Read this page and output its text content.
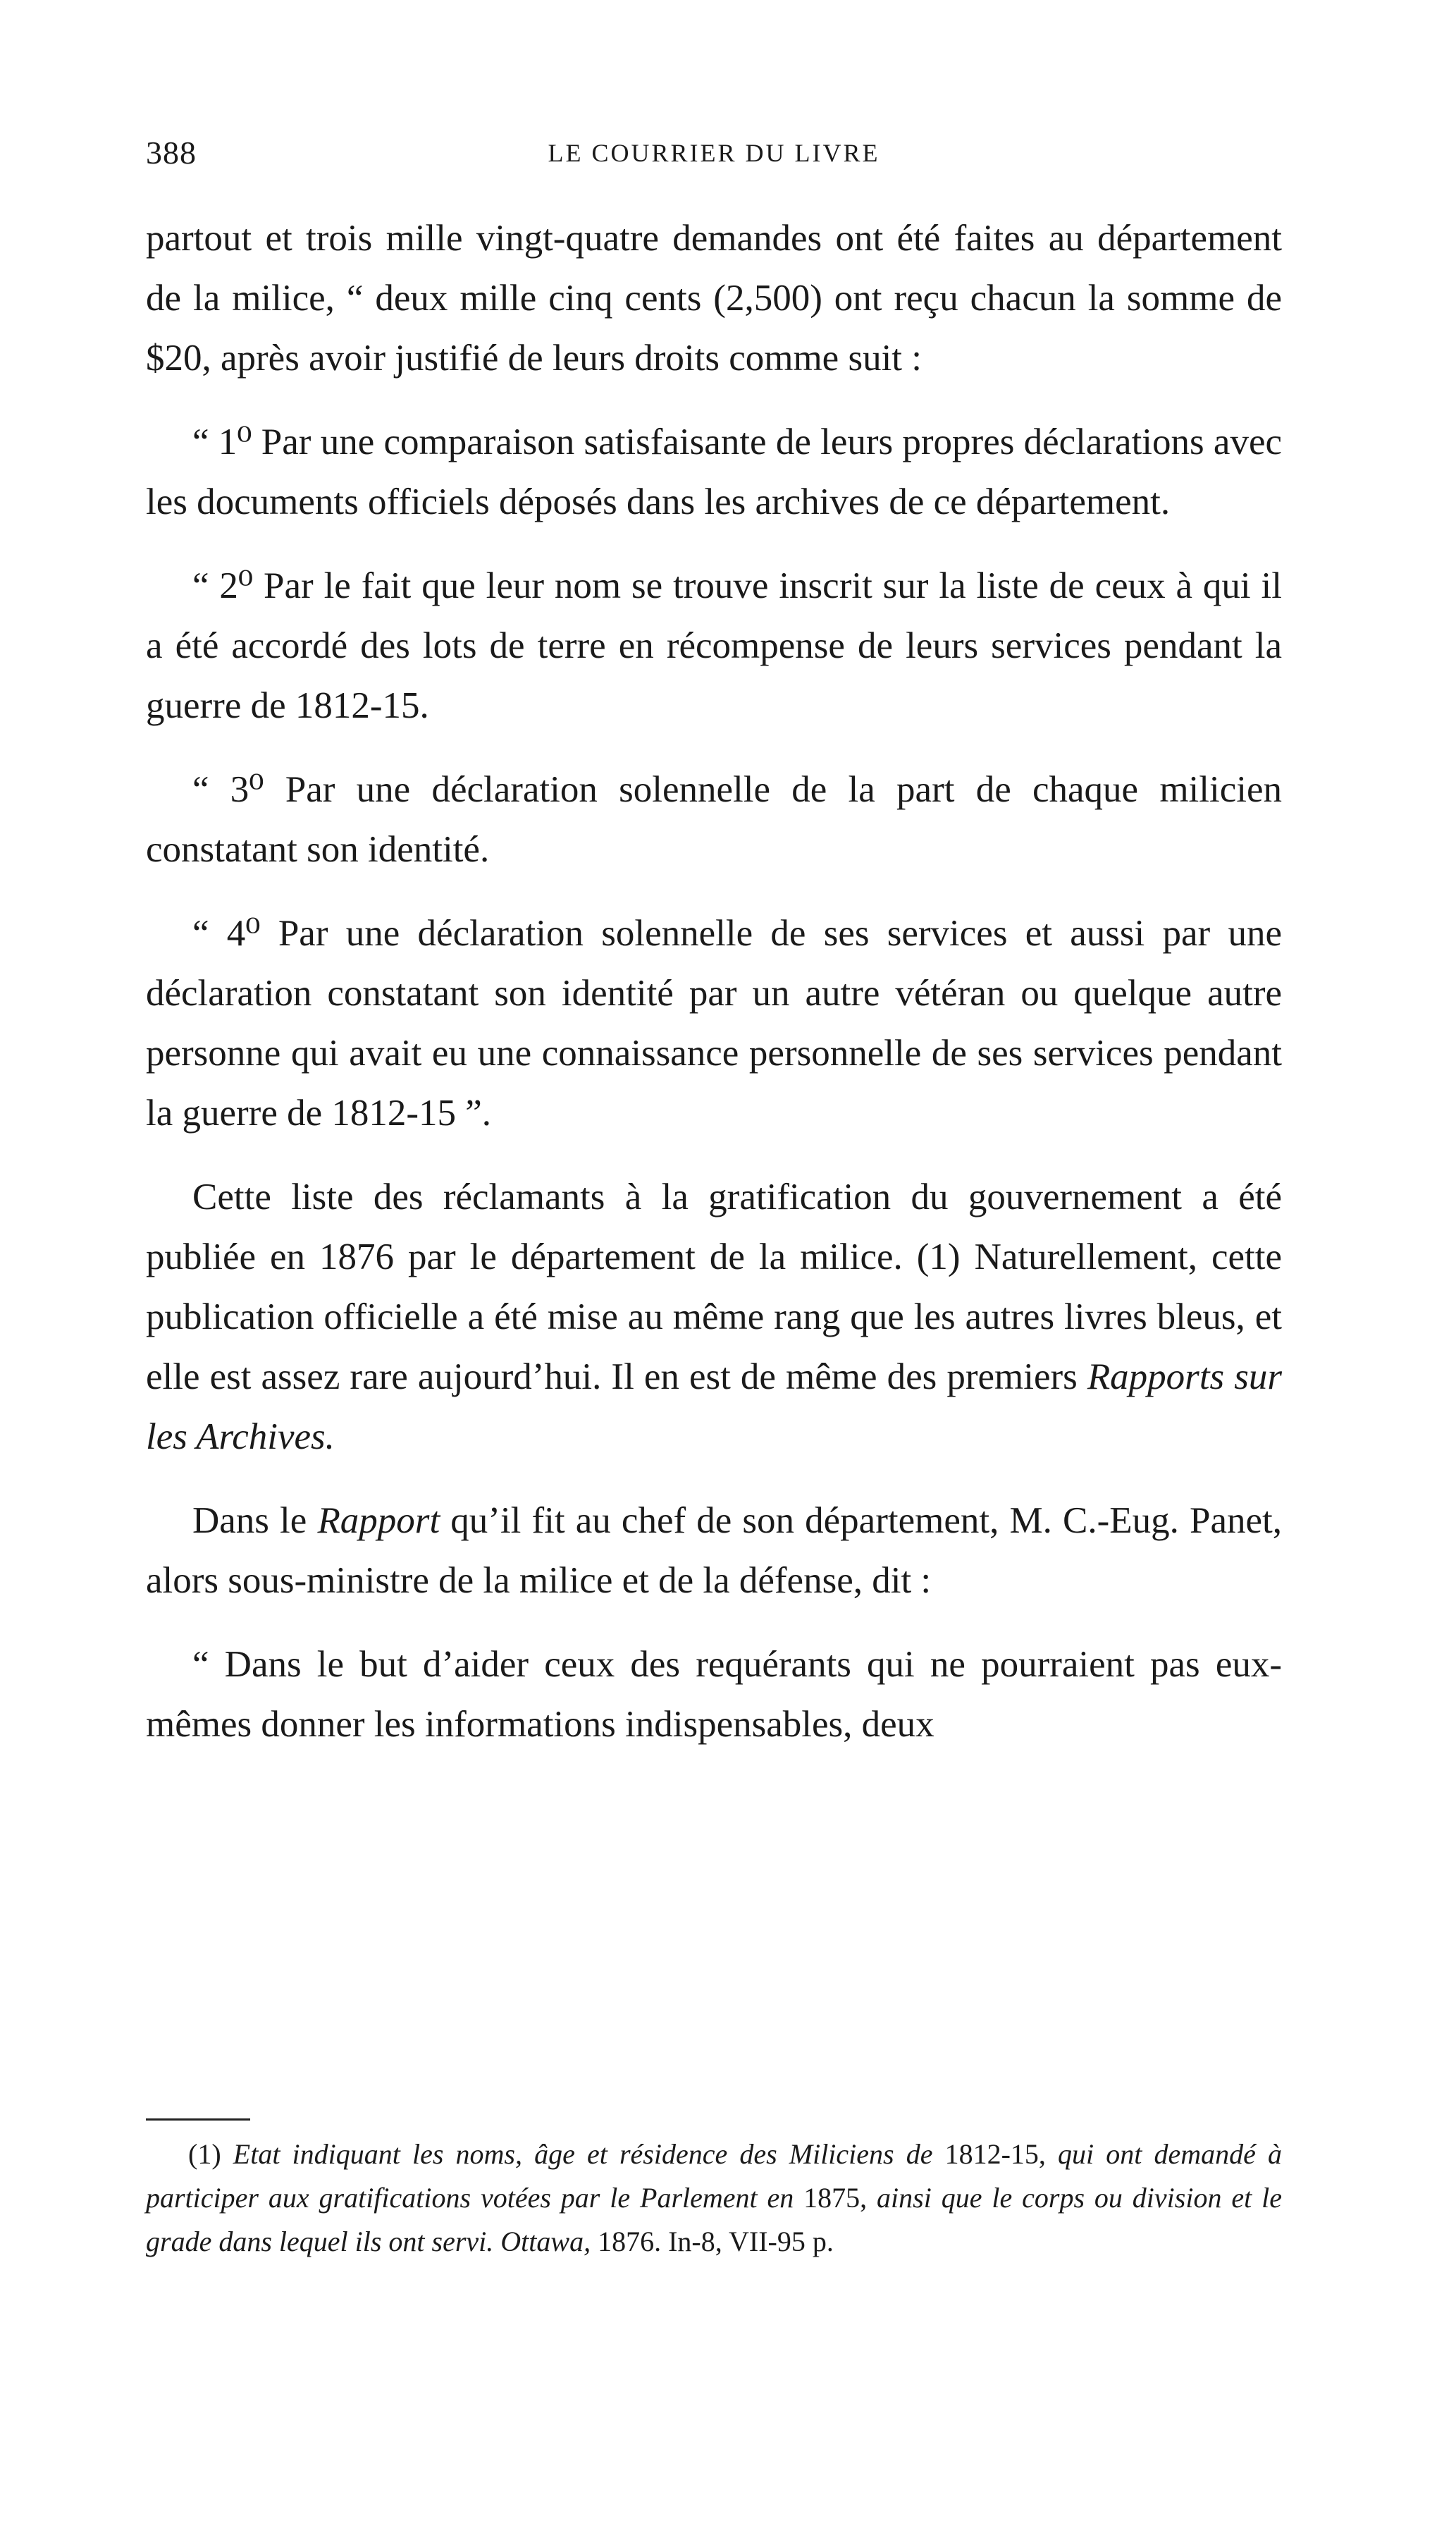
388	LE COURRIER DU LIVRE

partout et trois mille vingt-quatre demandes ont été faites au département de la milice, “ deux mille cinq cents (2,500) ont reçu chacun la somme de $20, après avoir justifié de leurs droits comme suit :

“ 1⁰ Par une comparaison satisfaisante de leurs propres déclarations avec les documents officiels déposés dans les archives de ce département.

“ 2⁰ Par le fait que leur nom se trouve inscrit sur la liste de ceux à qui il a été accordé des lots de terre en récompense de leurs services pendant la guerre de 1812-15.

“ 3⁰ Par une déclaration solennelle de la part de chaque milicien constatant son identité.

“ 4⁰ Par une déclaration solennelle de ses services et aussi par une déclaration constatant son identité par un autre vétéran ou quelque autre personne qui avait eu une connaissance personnelle de ses services pendant la guerre de 1812-15 ”.

Cette liste des réclamants à la gratification du gouvernement a été publiée en 1876 par le département de la milice. (1) Naturellement, cette publication officielle a été mise au même rang que les autres livres bleus, et elle est assez rare aujourd’hui. Il en est de même des premiers Rapports sur les Archives.

Dans le Rapport qu’il fit au chef de son département, M. C.-Eug. Panet, alors sous-ministre de la milice et de la défense, dit :

“ Dans le but d’aider ceux des requérants qui ne pourraient pas eux-mêmes donner les informations indispensables, deux

(1) Etat indiquant les noms, âge et résidence des Miliciens de 1812-15, qui ont demandé à participer aux gratifications votées par le Parlement en 1875, ainsi que le corps ou division et le grade dans lequel ils ont servi. Ottawa, 1876. In-8, VII-95 p.
